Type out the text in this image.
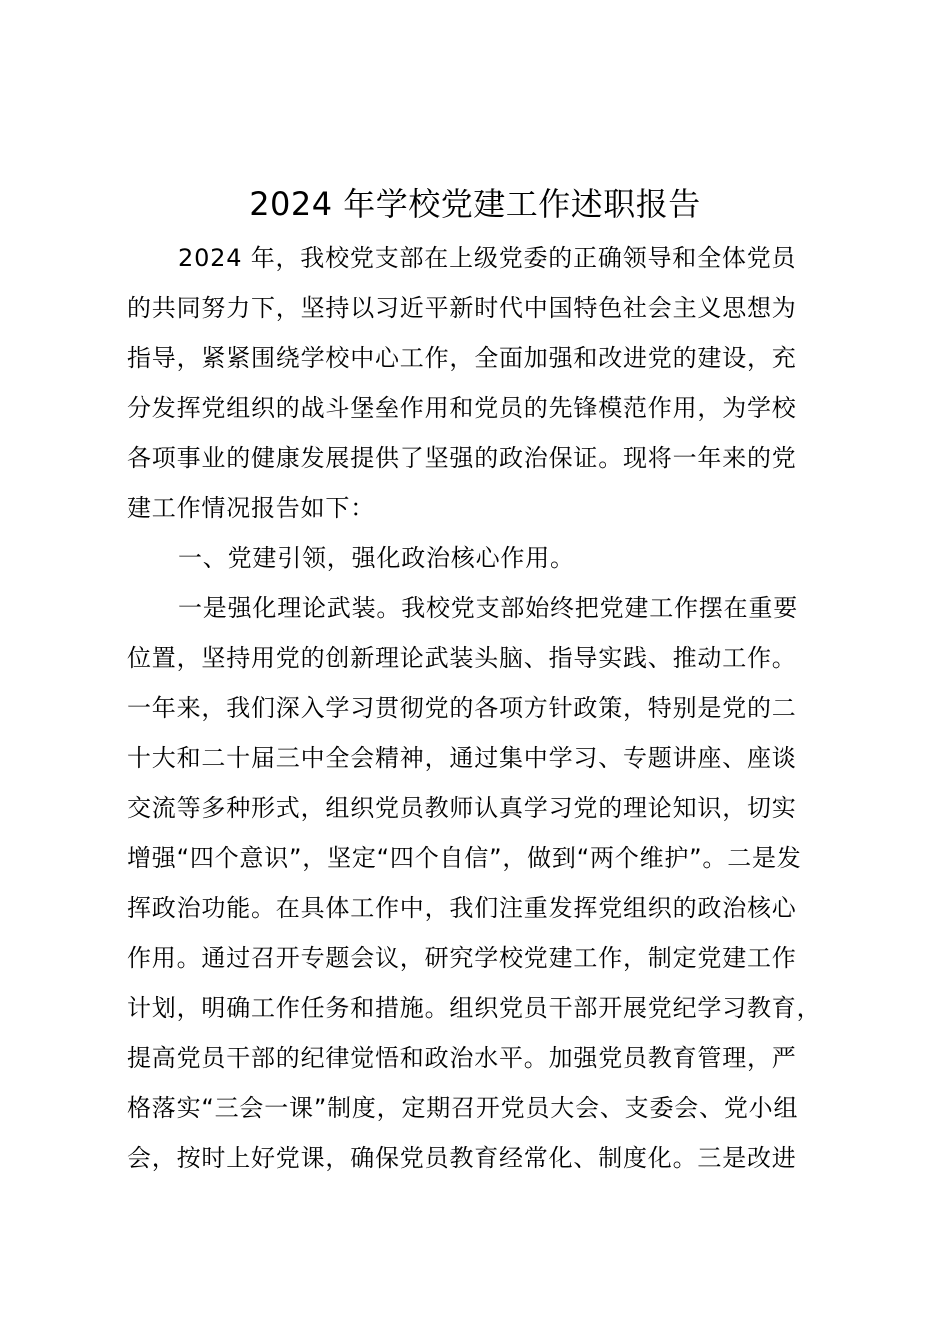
2024 年学校党建工作述职报告
2024 年，我校党支部在上级党委的正确领导和全体党员
的共同努力下，坚持以习近平新时代中国特色社会主义思想为
指导，紧紧围绕学校中心工作，全面加强和改进党的建设，充
分发挥党组织的战斗堡垒作用和党员的先锋模范作用，为学校
各项事业的健康发展提供了坚强的政治保证。现将一年来的党
建工作情况报告如下：
一、党建引领，强化政治核心作用。
一是强化理论武装。我校党支部始终把党建工作摆在重要
位置，坚持用党的创新理论武装头脑、指导实践、推动工作。
一年来，我们深入学习贯彻党的各项方针政策，特别是党的二
十大和二十届三中全会精神，通过集中学习、专题讲座、座谈
交流等多种形式，组织党员教师认真学习党的理论知识，切实
增强“四个意识”，坚定“四个自信”，做到“两个维护”。二是发
挥政治功能。在具体工作中，我们注重发挥党组织的政治核心
作用。通过召开专题会议，研究学校党建工作，制定党建工作
计划，明确工作任务和措施。组织党员干部开展党纪学习教育，
提高党员干部的纪律觉悟和政治水平。加强党员教育管理，严
格落实“三会一课”制度，定期召开党员大会、支委会、党小组
会，按时上好党课，确保党员教育经常化、制度化。三是改进
